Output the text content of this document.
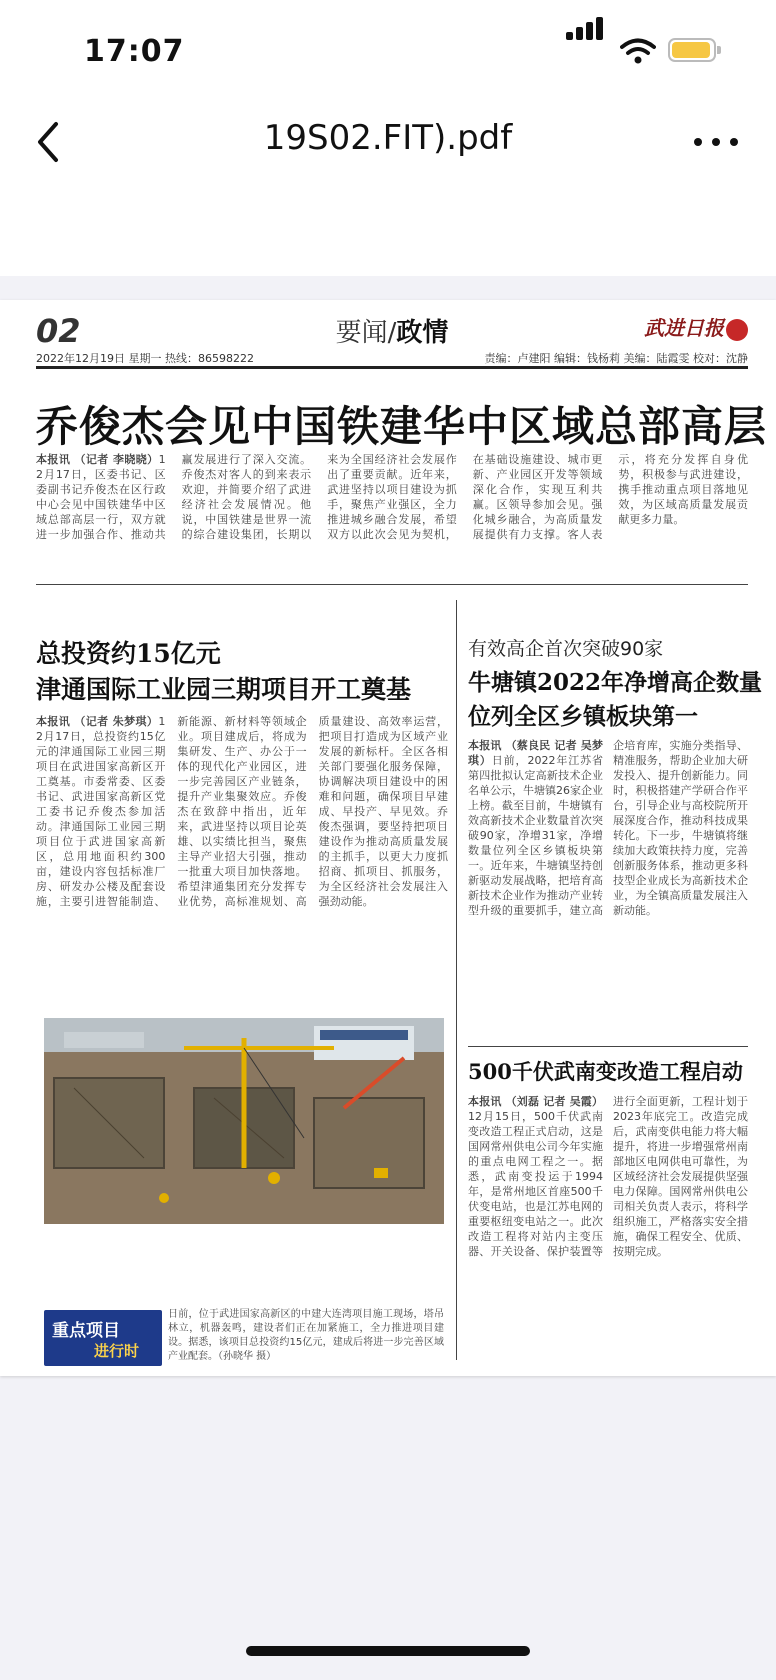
17:07
19S02.FIT).pdf
02	要闻/政情	武进日报
2022年12月19日 星期一 热线：86598222	责编：卢建阳 编辑：钱杨莉 美编：陆霞雯 校对：沈静
乔俊杰会见中国铁建华中区域总部高层

本报讯 （记者 李晓晓）12月17日，区委书记、区委副书记乔俊杰在区行政中心会见中国铁建华中区域总部高层一行，双方就进一步加强合作、推动共赢发展进行了深入交流。乔俊杰对客人的到来表示欢迎，并简要介绍了武进经济社会发展情况。他说，中国铁建是世界一流的综合建设集团，长期以来为全国经济社会发展作出了重要贡献。近年来，武进坚持以项目建设为抓手，聚焦产业强区，全力推进城乡融合发展，希望双方以此次会见为契机，在基础设施建设、城市更新、产业园区开发等领域深化合作，实现互利共赢。区领导参加会见。强化城乡融合，为高质量发展提供有力支撑。客人表示，将充分发挥自身优势，积极参与武进建设，携手推动重点项目落地见效，为区域高质量发展贡献更多力量。

总投资约15亿元
津通国际工业园三期项目开工奠基

本报讯 （记者 朱梦琪）12月17日，总投资约15亿元的津通国际工业园三期项目在武进国家高新区开工奠基。市委常委、区委书记、武进国家高新区党工委书记乔俊杰参加活动。津通国际工业园三期项目位于武进国家高新区，总用地面积约300亩，建设内容包括标准厂房、研发办公楼及配套设施，主要引进智能制造、新能源、新材料等领域企业。项目建成后，将成为集研发、生产、办公于一体的现代化产业园区，进一步完善园区产业链条，提升产业集聚效应。乔俊杰在致辞中指出，近年来，武进坚持以项目论英雄、以实绩比担当，聚焦主导产业招大引强，推动一批重大项目加快落地。希望津通集团充分发挥专业优势，高标准规划、高质量建设、高效率运营，把项目打造成为区域产业发展的新标杆。全区各相关部门要强化服务保障，协调解决项目建设中的困难和问题，确保项目早建成、早投产、早见效。乔俊杰强调，要坚持把项目建设作为推动高质量发展的主抓手，以更大力度抓招商、抓项目、抓服务，为全区经济社会发展注入强劲动能。

重点项目
进行时

日前，位于武进国家高新区的中建大连湾项目施工现场，塔吊林立，机器轰鸣，建设者们正在加紧施工，全力推进项目建设。据悉，该项目总投资约15亿元，建成后将进一步完善区域产业配套。（孙晓华 摄）

有效高企首次突破90家
牛塘镇2022年净增高企数量
位列全区乡镇板块第一

本报讯 （蔡良民 记者 吴梦琪）日前，2022年江苏省第四批拟认定高新技术企业名单公示，牛塘镇26家企业上榜。截至目前，牛塘镇有效高新技术企业数量首次突破90家，净增31家，净增数量位列全区乡镇板块第一。近年来，牛塘镇坚持创新驱动发展战略，把培育高新技术企业作为推动产业转型升级的重要抓手，建立高企培育库，实施分类指导、精准服务，帮助企业加大研发投入、提升创新能力。同时，积极搭建产学研合作平台，引导企业与高校院所开展深度合作，推动科技成果转化。下一步，牛塘镇将继续加大政策扶持力度，完善创新服务体系，推动更多科技型企业成长为高新技术企业，为全镇高质量发展注入新动能。

500千伏武南变改造工程启动

本报讯 （刘磊 记者 吴霞）12月15日，500千伏武南变改造工程正式启动，这是国网常州供电公司今年实施的重点电网工程之一。据悉，武南变投运于1994年，是常州地区首座500千伏变电站，也是江苏电网的重要枢纽变电站之一。此次改造工程将对站内主变压器、开关设备、保护装置等进行全面更新，工程计划于2023年底完工。改造完成后，武南变供电能力将大幅提升，将进一步增强常州南部地区电网供电可靠性，为区域经济社会发展提供坚强电力保障。国网常州供电公司相关负责人表示，将科学组织施工，严格落实安全措施，确保工程安全、优质、按期完成。
